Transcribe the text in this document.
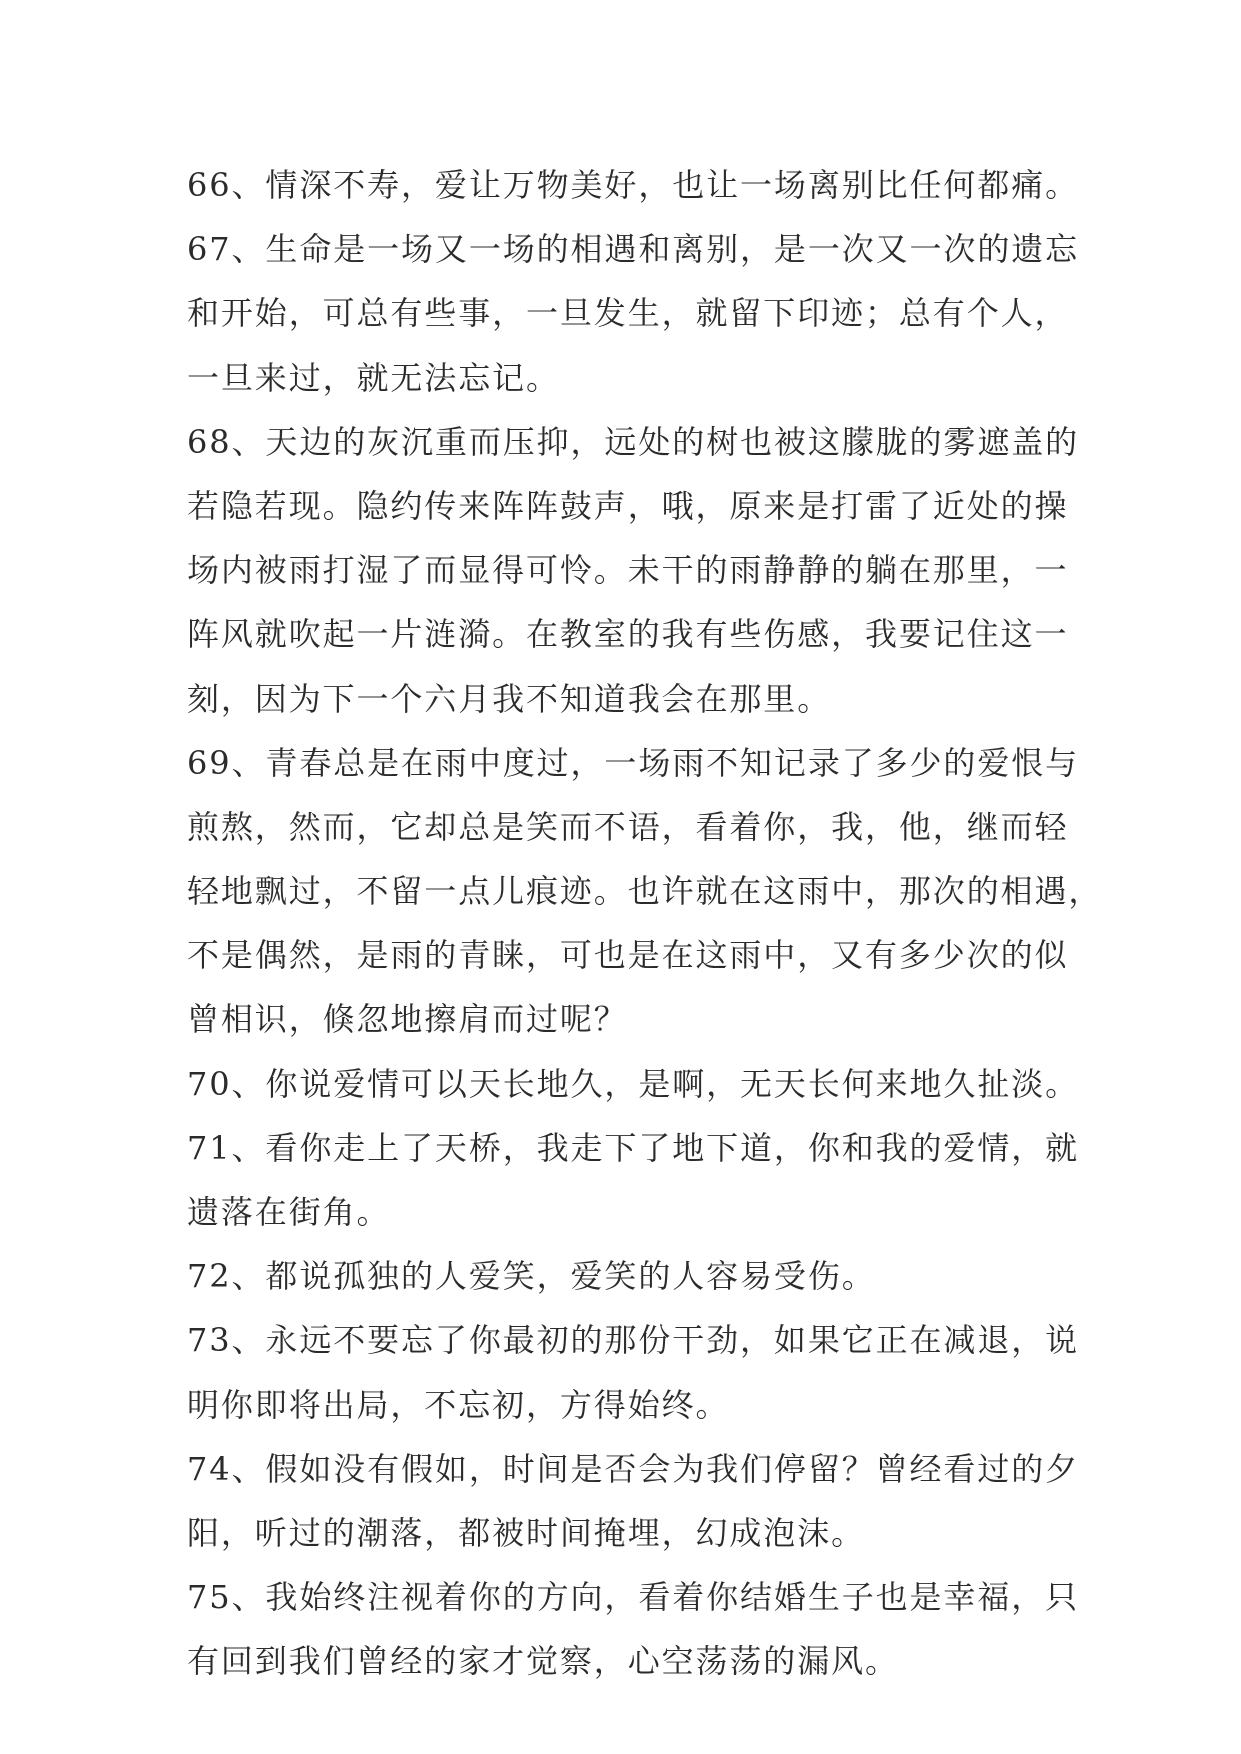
66、情深不寿，爱让万物美好，也让一场离别比任何都痛。
67、生命是一场又一场的相遇和离别，是一次又一次的遗忘
和开始，可总有些事，一旦发生，就留下印迹；总有个人，
一旦来过，就无法忘记。
68、天边的灰沉重而压抑，远处的树也被这朦胧的雾遮盖的
若隐若现。隐约传来阵阵鼓声，哦，原来是打雷了近处的操
场内被雨打湿了而显得可怜。未干的雨静静的躺在那里，一
阵风就吹起一片涟漪。在教室的我有些伤感，我要记住这一
刻，因为下一个六月我不知道我会在那里。
69、青春总是在雨中度过，一场雨不知记录了多少的爱恨与
煎熬，然而，它却总是笑而不语，看着你，我，他，继而轻
轻地飘过，不留一点儿痕迹。也许就在这雨中，那次的相遇，
不是偶然，是雨的青睐，可也是在这雨中，又有多少次的似
曾相识，倏忽地擦肩而过呢？
70、你说爱情可以天长地久，是啊，无天长何来地久扯淡。
71、看你走上了天桥，我走下了地下道，你和我的爱情，就
遗落在街角。
72、都说孤独的人爱笑，爱笑的人容易受伤。
73、永远不要忘了你最初的那份干劲，如果它正在减退，说
明你即将出局，不忘初，方得始终。
74、假如没有假如，时间是否会为我们停留？曾经看过的夕
阳，听过的潮落，都被时间掩埋，幻成泡沫。
75、我始终注视着你的方向，看着你结婚生子也是幸福，只
有回到我们曾经的家才觉察，心空荡荡的漏风。
